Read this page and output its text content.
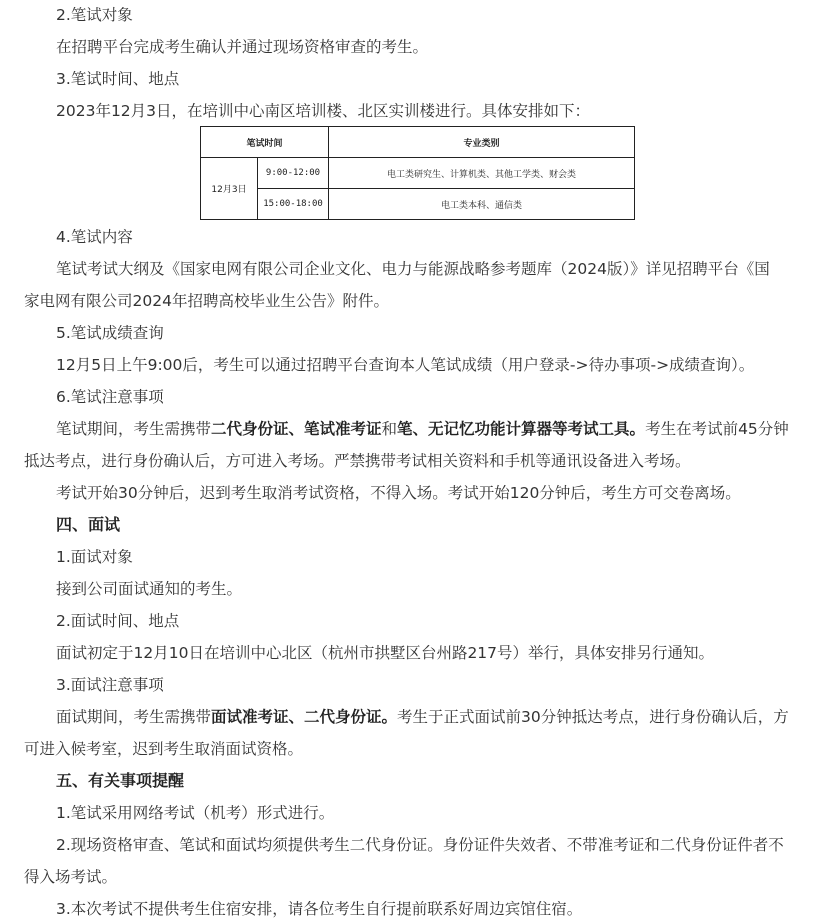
2.笔试对象
在招聘平台完成考生确认并通过现场资格审查的考生。
3.笔试时间、地点
2023年12月3日，在培训中心南区培训楼、北区实训楼进行。具体安排如下：
笔试时间		专业类别
12月3日	9:00-12:00	电工类研究生、计算机类、其他工学类、财会类
	15:00-18:00	电工类本科、通信类
4.笔试内容
笔试考试大纲及《国家电网有限公司企业文化、电力与能源战略参考题库（2024版）》详见招聘平台《国
家电网有限公司2024年招聘高校毕业生公告》附件。
5.笔试成绩查询
12月5日上午9:00后，考生可以通过招聘平台查询本人笔试成绩（用户登录->待办事项->成绩查询）。
6.笔试注意事项
笔试期间，考生需携带二代身份证、笔试准考证和笔、无记忆功能计算器等考试工具。考生在考试前45分钟
抵达考点，进行身份确认后，方可进入考场。严禁携带考试相关资料和手机等通讯设备进入考场。
考试开始30分钟后，迟到考生取消考试资格，不得入场。考试开始120分钟后，考生方可交卷离场。
四、面试
1.面试对象
接到公司面试通知的考生。
2.面试时间、地点
面试初定于12月10日在培训中心北区（杭州市拱墅区台州路217号）举行，具体安排另行通知。
3.面试注意事项
面试期间，考生需携带面试准考证、二代身份证。考生于正式面试前30分钟抵达考点，进行身份确认后，方
可进入候考室，迟到考生取消面试资格。
五、有关事项提醒
1.笔试采用网络考试（机考）形式进行。
2.现场资格审查、笔试和面试均须提供考生二代身份证。身份证件失效者、不带准考证和二代身份证件者不
得入场考试。
3.本次考试不提供考生住宿安排，请各位考生自行提前联系好周边宾馆住宿。
